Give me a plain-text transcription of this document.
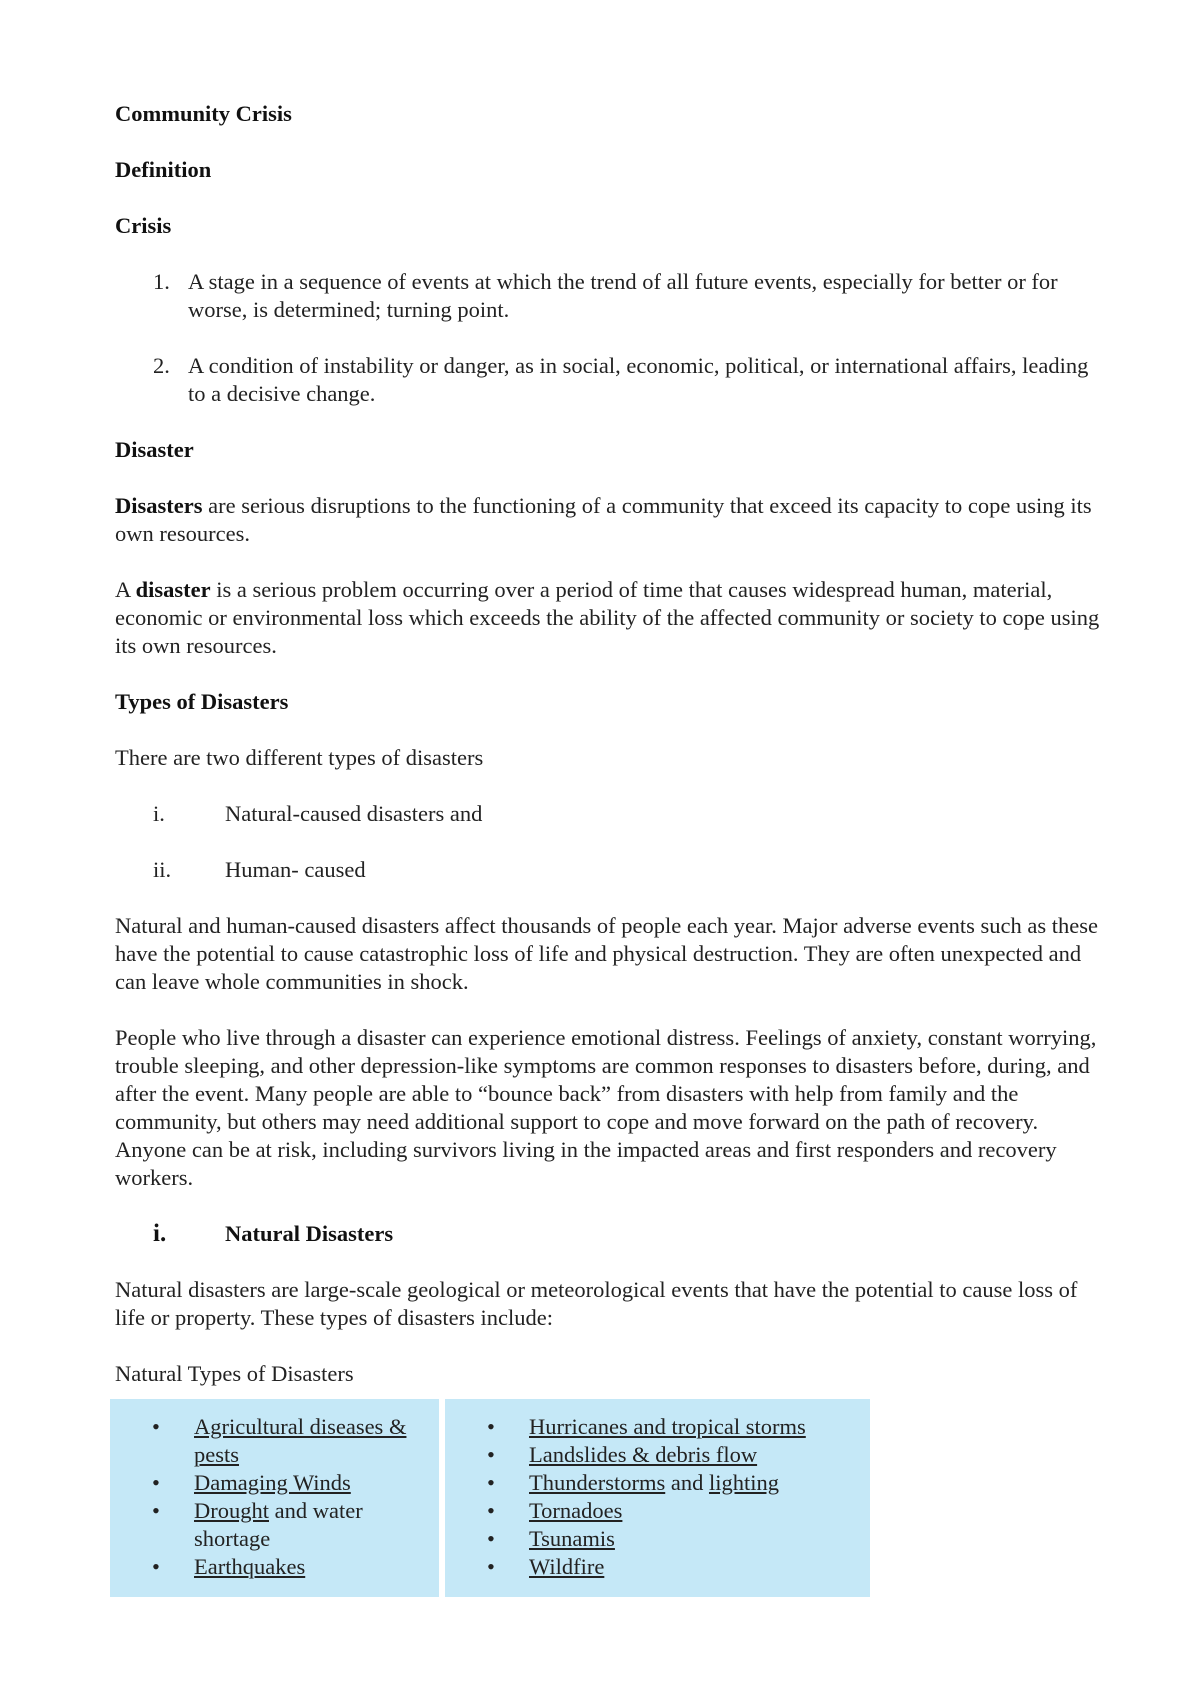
Community Crisis

Definition

Crisis

1. A stage in a sequence of events at which the trend of all future events, especially for better or for worse, is determined; turning point.
2. A condition of instability or danger, as in social, economic, political, or international affairs, leading to a decisive change.

Disaster

Disasters are serious disruptions to the functioning of a community that exceed its capacity to cope using its own resources.

A disaster is a serious problem occurring over a period of time that causes widespread human, material, economic or environmental loss which exceeds the ability of the affected community or society to cope using its own resources.

Types of Disasters

There are two different types of disasters

i.	Natural-caused disasters and
ii. Human- caused

Natural and human-caused disasters affect thousands of people each year. Major adverse events such as these have the potential to cause catastrophic loss of life and physical destruction. They are often unexpected and can leave whole communities in shock.

People who live through a disaster can experience emotional distress. Feelings of anxiety, constant worrying, trouble sleeping, and other depression-like symptoms are common responses to disasters before, during, and after the event. Many people are able to “bounce back” from disasters with help from family and the community, but others may need additional support to cope and move forward on the path of recovery. Anyone can be at risk, including survivors living in the impacted areas and first responders and recovery workers.

i.	Natural Disasters

Natural disasters are large-scale geological or meteorological events that have the potential to cause loss of life or property. These types of disasters include:

Natural Types of Disasters

• Agricultural diseases & pests
• Damaging Winds
• Drought and water shortage
• Earthquakes
• Hurricanes and tropical storms
• Landslides & debris flow
• Thunderstorms and lighting
• Tornadoes
• Tsunamis
• Wildfire
